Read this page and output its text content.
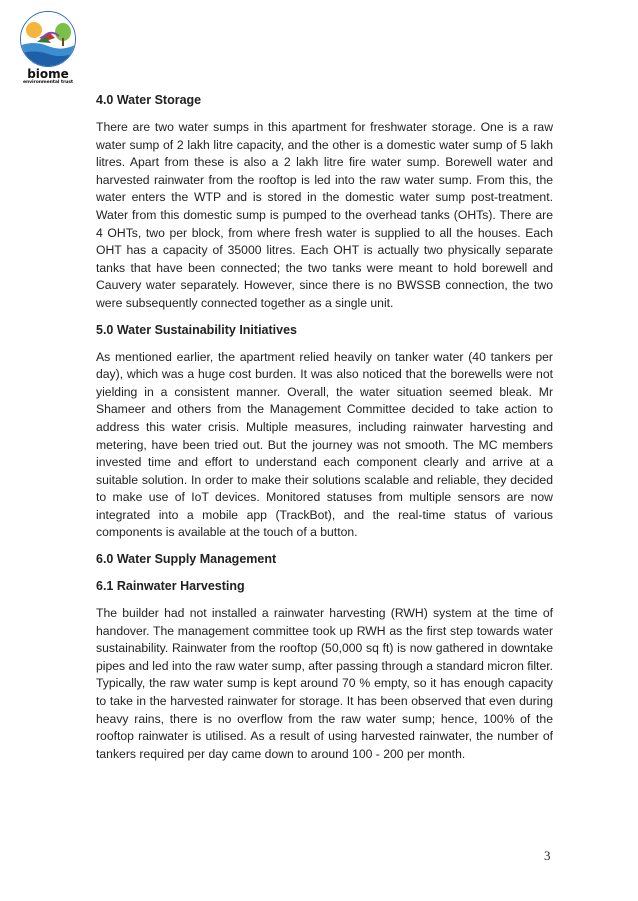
biome
environmental trust
4.0 Water Storage

There are two water sumps in this apartment for freshwater storage. One is a raw water sump of 2 lakh litre capacity, and the other is a domestic water sump of 5 lakh litres. Apart from these is also a 2 lakh litre fire water sump. Borewell water and harvested rainwater from the rooftop is led into the raw water sump. From this, the water enters the WTP and is stored in the domestic water sump post-treatment. Water from this domestic sump is pumped to the overhead tanks (OHTs). There are 4 OHTs, two per block, from where fresh water is supplied to all the houses. Each OHT has a capacity of 35000 litres. Each OHT is actually two physically separate tanks that have been connected; the two tanks were meant to hold borewell and Cauvery water separately. However, since there is no BWSSB connection, the two were subsequently connected together as a single unit.

5.0 Water Sustainability Initiatives

As mentioned earlier, the apartment relied heavily on tanker water (40 tankers per day), which was a huge cost burden. It was also noticed that the borewells were not yielding in a consistent manner. Overall, the water situation seemed bleak. Mr Shameer and others from the Management Committee decided to take action to address this water crisis. Multiple measures, including rainwater harvesting and metering, have been tried out. But the journey was not smooth. The MC members invested time and effort to understand each component clearly and arrive at a suitable solution. In order to make their solutions scalable and reliable, they decided to make use of IoT devices. Monitored statuses from multiple sensors are now integrated into a mobile app (TrackBot), and the real-time status of various components is available at the touch of a button.

6.0 Water Supply Management
6.1 Rainwater Harvesting

The builder had not installed a rainwater harvesting (RWH) system at the time of handover. The management committee took up RWH as the first step towards water sustainability. Rainwater from the rooftop (50,000 sq ft) is now gathered in downtake pipes and led into the raw water sump, after passing through a standard micron filter. Typically, the raw water sump is kept around 70 % empty, so it has enough capacity to take in the harvested rainwater for storage. It has been observed that even during heavy rains, there is no overflow from the raw water sump; hence, 100% of the rooftop rainwater is utilised. As a result of using harvested rainwater, the number of tankers required per day came down to around 100 - 200 per month.

3
